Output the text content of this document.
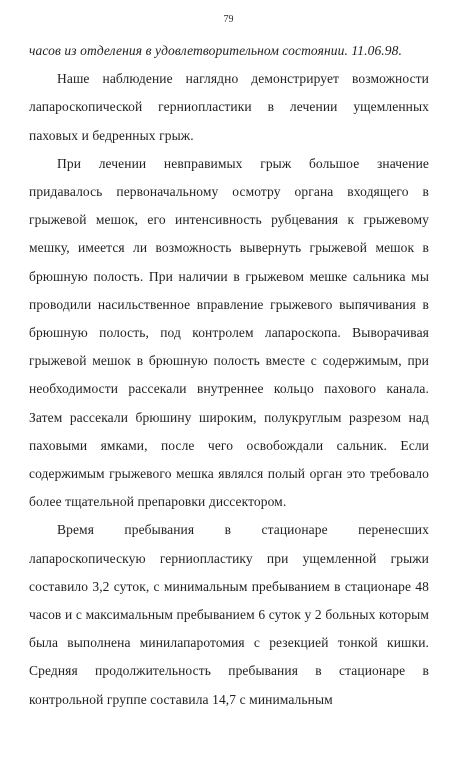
79

часов из отделения в удовлетворительном состоянии. 11.06.98.

Наше наблюдение наглядно демонстрирует возможности лапароскопической герниопластики в лечении ущемленных паховых и бедренных грыж.

При лечении невправимых грыж большое значение придавалось первоначальному осмотру органа входящего в грыжевой мешок, его интенсивность рубцевания к грыжевому мешку, имеется ли возможность вывернуть грыжевой мешок в брюшную полость. При наличии в грыжевом мешке сальника мы проводили насильственное вправление грыжевого выпячивания в брюшную полость, под контролем лапароскопа. Выворачивая грыжевой мешок в брюшную полость вместе с содержимым, при необходимости рассекали внутреннее кольцо пахового канала. Затем рассекали брюшину широким, полукруглым разрезом над паховыми ямками, после чего освобождали сальник. Если содержимым грыжевого мешка являлся полый орган это требовало более тщательной препаровки диссектором.

Время пребывания в стационаре перенесших лапароскопическую герниопластику при ущемленной грыжи составило 3,2 суток, с минимальным пребыванием в стационаре 48 часов и с максимальным пребыванием 6 суток у 2 больных которым была выполнена минилапаротомия с резекцией тонкой кишки. Средняя продолжительность пребывания в стационаре в контрольной группе составила 14,7 с минимальным
